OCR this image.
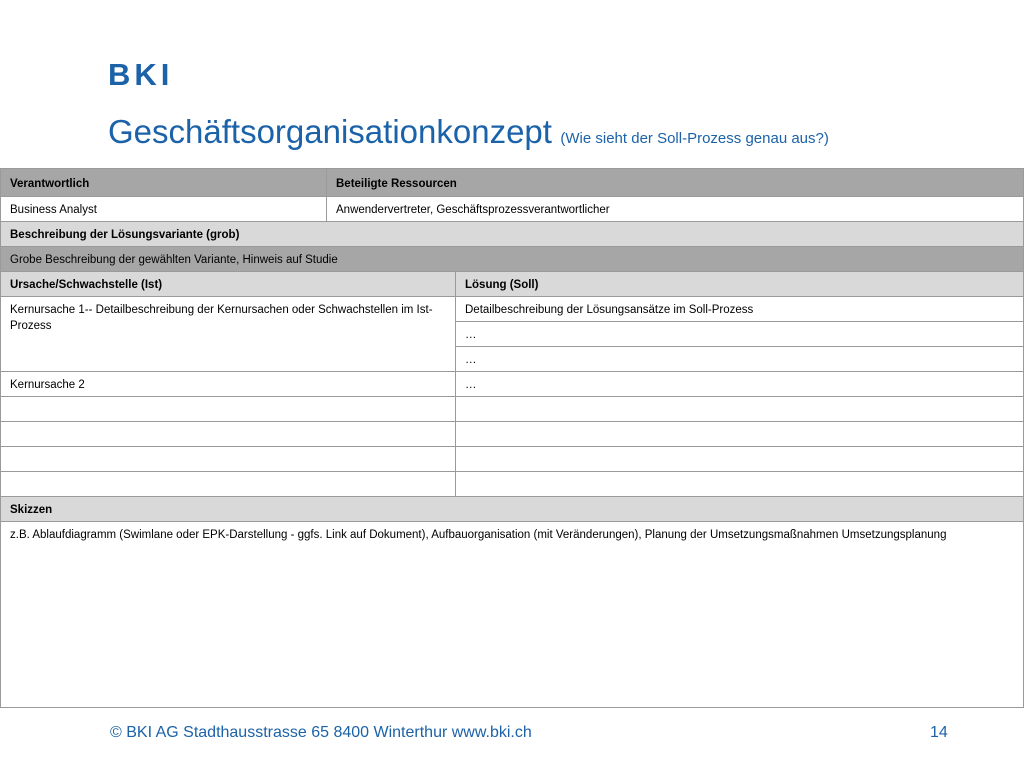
BKI
Geschäftsorganisationkonzept (Wie sieht der Soll-Prozess genau aus?)
Verantwortlich	Beteiligte Ressourcen	
Business Analyst	Anwendervertreter, Geschäftsprozessverantwortlicher	
Beschreibung der Lösungsvariante (grob)		
Grobe Beschreibung der gewählten Variante, Hinweis auf Studie		
Ursache/Schwachstelle (Ist)		Lösung (Soll)
Kernursache 1-- Detailbeschreibung der Kernursachen oder Schwachstellen im Ist-Prozess		Detailbeschreibung der Lösungsansätze im Soll-Prozess
		…
		…
Kernursache 2		…

Skizzen		
z.B. Ablaufdiagramm (Swimlane oder EPK-Darstellung - ggfs. Link auf Dokument), Aufbauorganisation (mit Veränderungen), Planung der Umsetzungsmaßnahmen Umsetzungsplanung		
© BKI AG Stadthausstrasse 65 8400 Winterthur www.bki.ch	14
